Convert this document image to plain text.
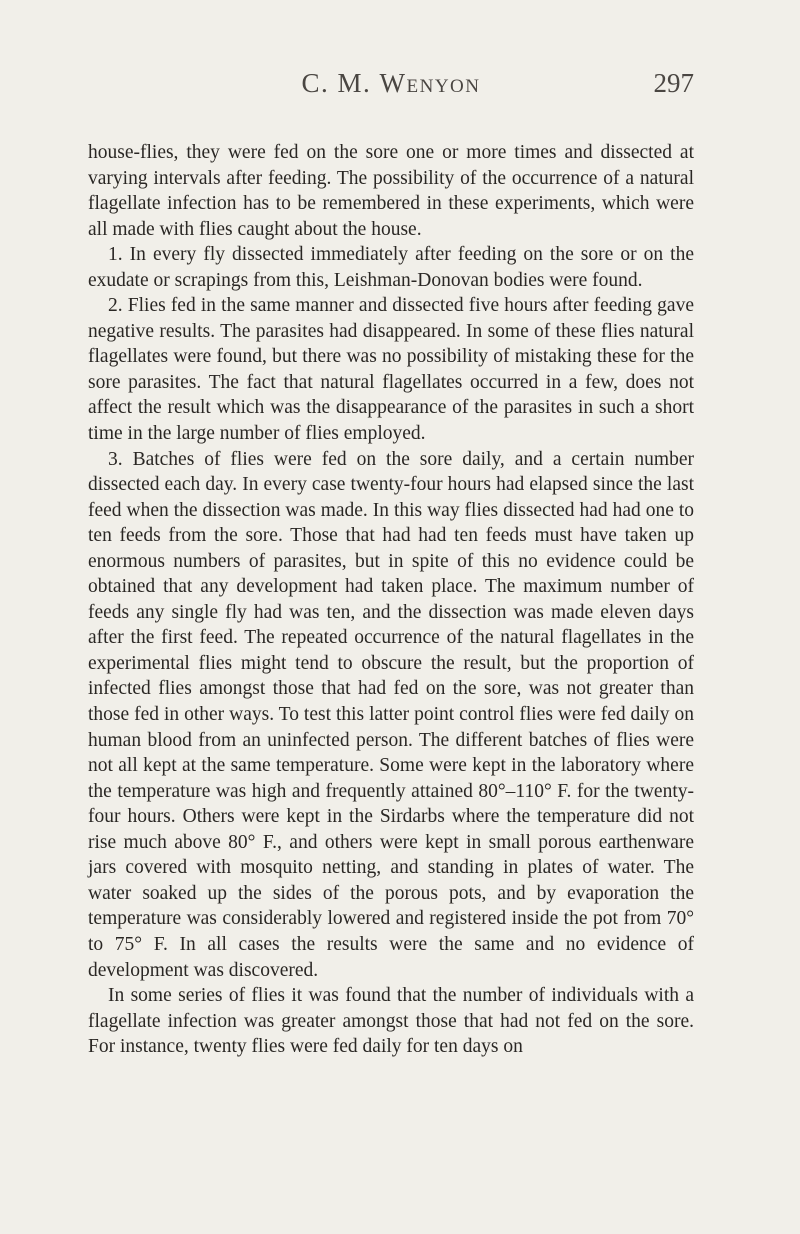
C. M. Wenyon	297

house-flies, they were fed on the sore one or more times and dissected at varying intervals after feeding. The possibility of the occurrence of a natural flagellate infection has to be remembered in these experiments, which were all made with flies caught about the house.

1. In every fly dissected immediately after feeding on the sore or on the exudate or scrapings from this, Leishman-Donovan bodies were found.

2. Flies fed in the same manner and dissected five hours after feeding gave negative results. The parasites had disappeared. In some of these flies natural flagellates were found, but there was no possibility of mistaking these for the sore parasites. The fact that natural flagellates occurred in a few, does not affect the result which was the disappearance of the parasites in such a short time in the large number of flies employed.

3. Batches of flies were fed on the sore daily, and a certain number dissected each day. In every case twenty-four hours had elapsed since the last feed when the dissection was made. In this way flies dissected had had one to ten feeds from the sore. Those that had had ten feeds must have taken up enormous numbers of parasites, but in spite of this no evidence could be obtained that any development had taken place. The maximum number of feeds any single fly had was ten, and the dissection was made eleven days after the first feed. The repeated occurrence of the natural flagellates in the experimental flies might tend to obscure the result, but the proportion of infected flies amongst those that had fed on the sore, was not greater than those fed in other ways. To test this latter point control flies were fed daily on human blood from an uninfected person. The different batches of flies were not all kept at the same temperature. Some were kept in the laboratory where the temperature was high and frequently attained 80°–110° F. for the twenty-four hours. Others were kept in the Sirdarbs where the temperature did not rise much above 80° F., and others were kept in small porous earthenware jars covered with mosquito netting, and standing in plates of water. The water soaked up the sides of the porous pots, and by evaporation the temperature was considerably lowered and registered inside the pot from 70° to 75° F. In all cases the results were the same and no evidence of development was discovered.

In some series of flies it was found that the number of individuals with a flagellate infection was greater amongst those that had not fed on the sore. For instance, twenty flies were fed daily for ten days on
